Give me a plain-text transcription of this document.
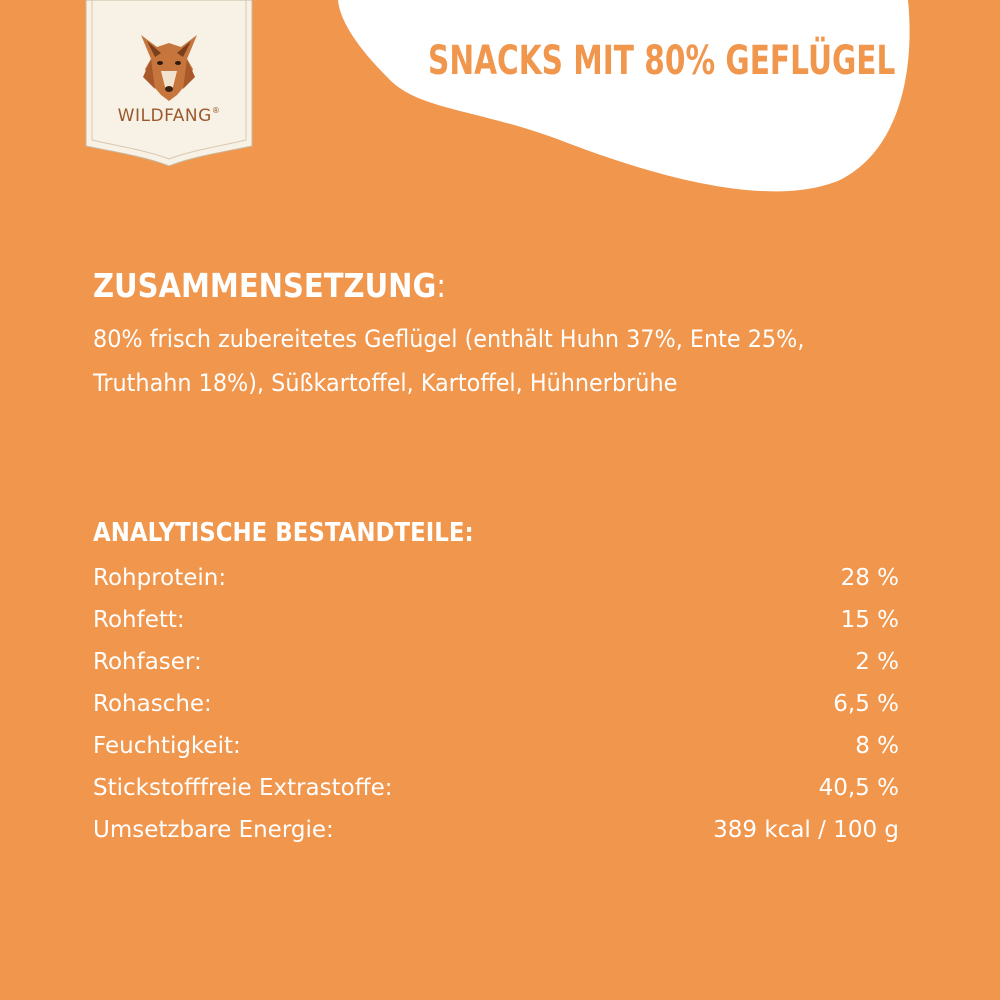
SNACKS MIT 80% GEFLÜGEL
WILDFANG®
ZUSAMMENSETZUNG:
80% frisch zubereitetes Geflügel (enthält Huhn 37%, Ente 25%, Truthahn 18%), Süßkartoffel, Kartoffel, Hühnerbrühe
ANALYTISCHE BESTANDTEILE:
Rohprotein:	28 %
Rohfett:	15 %
Rohfaser:	2 %
Rohasche:	6,5 %
Feuchtigkeit:	8 %
Stickstofffreie Extrastoffe:	40,5 %
Umsetzbare Energie:	389 kcal / 100 g
